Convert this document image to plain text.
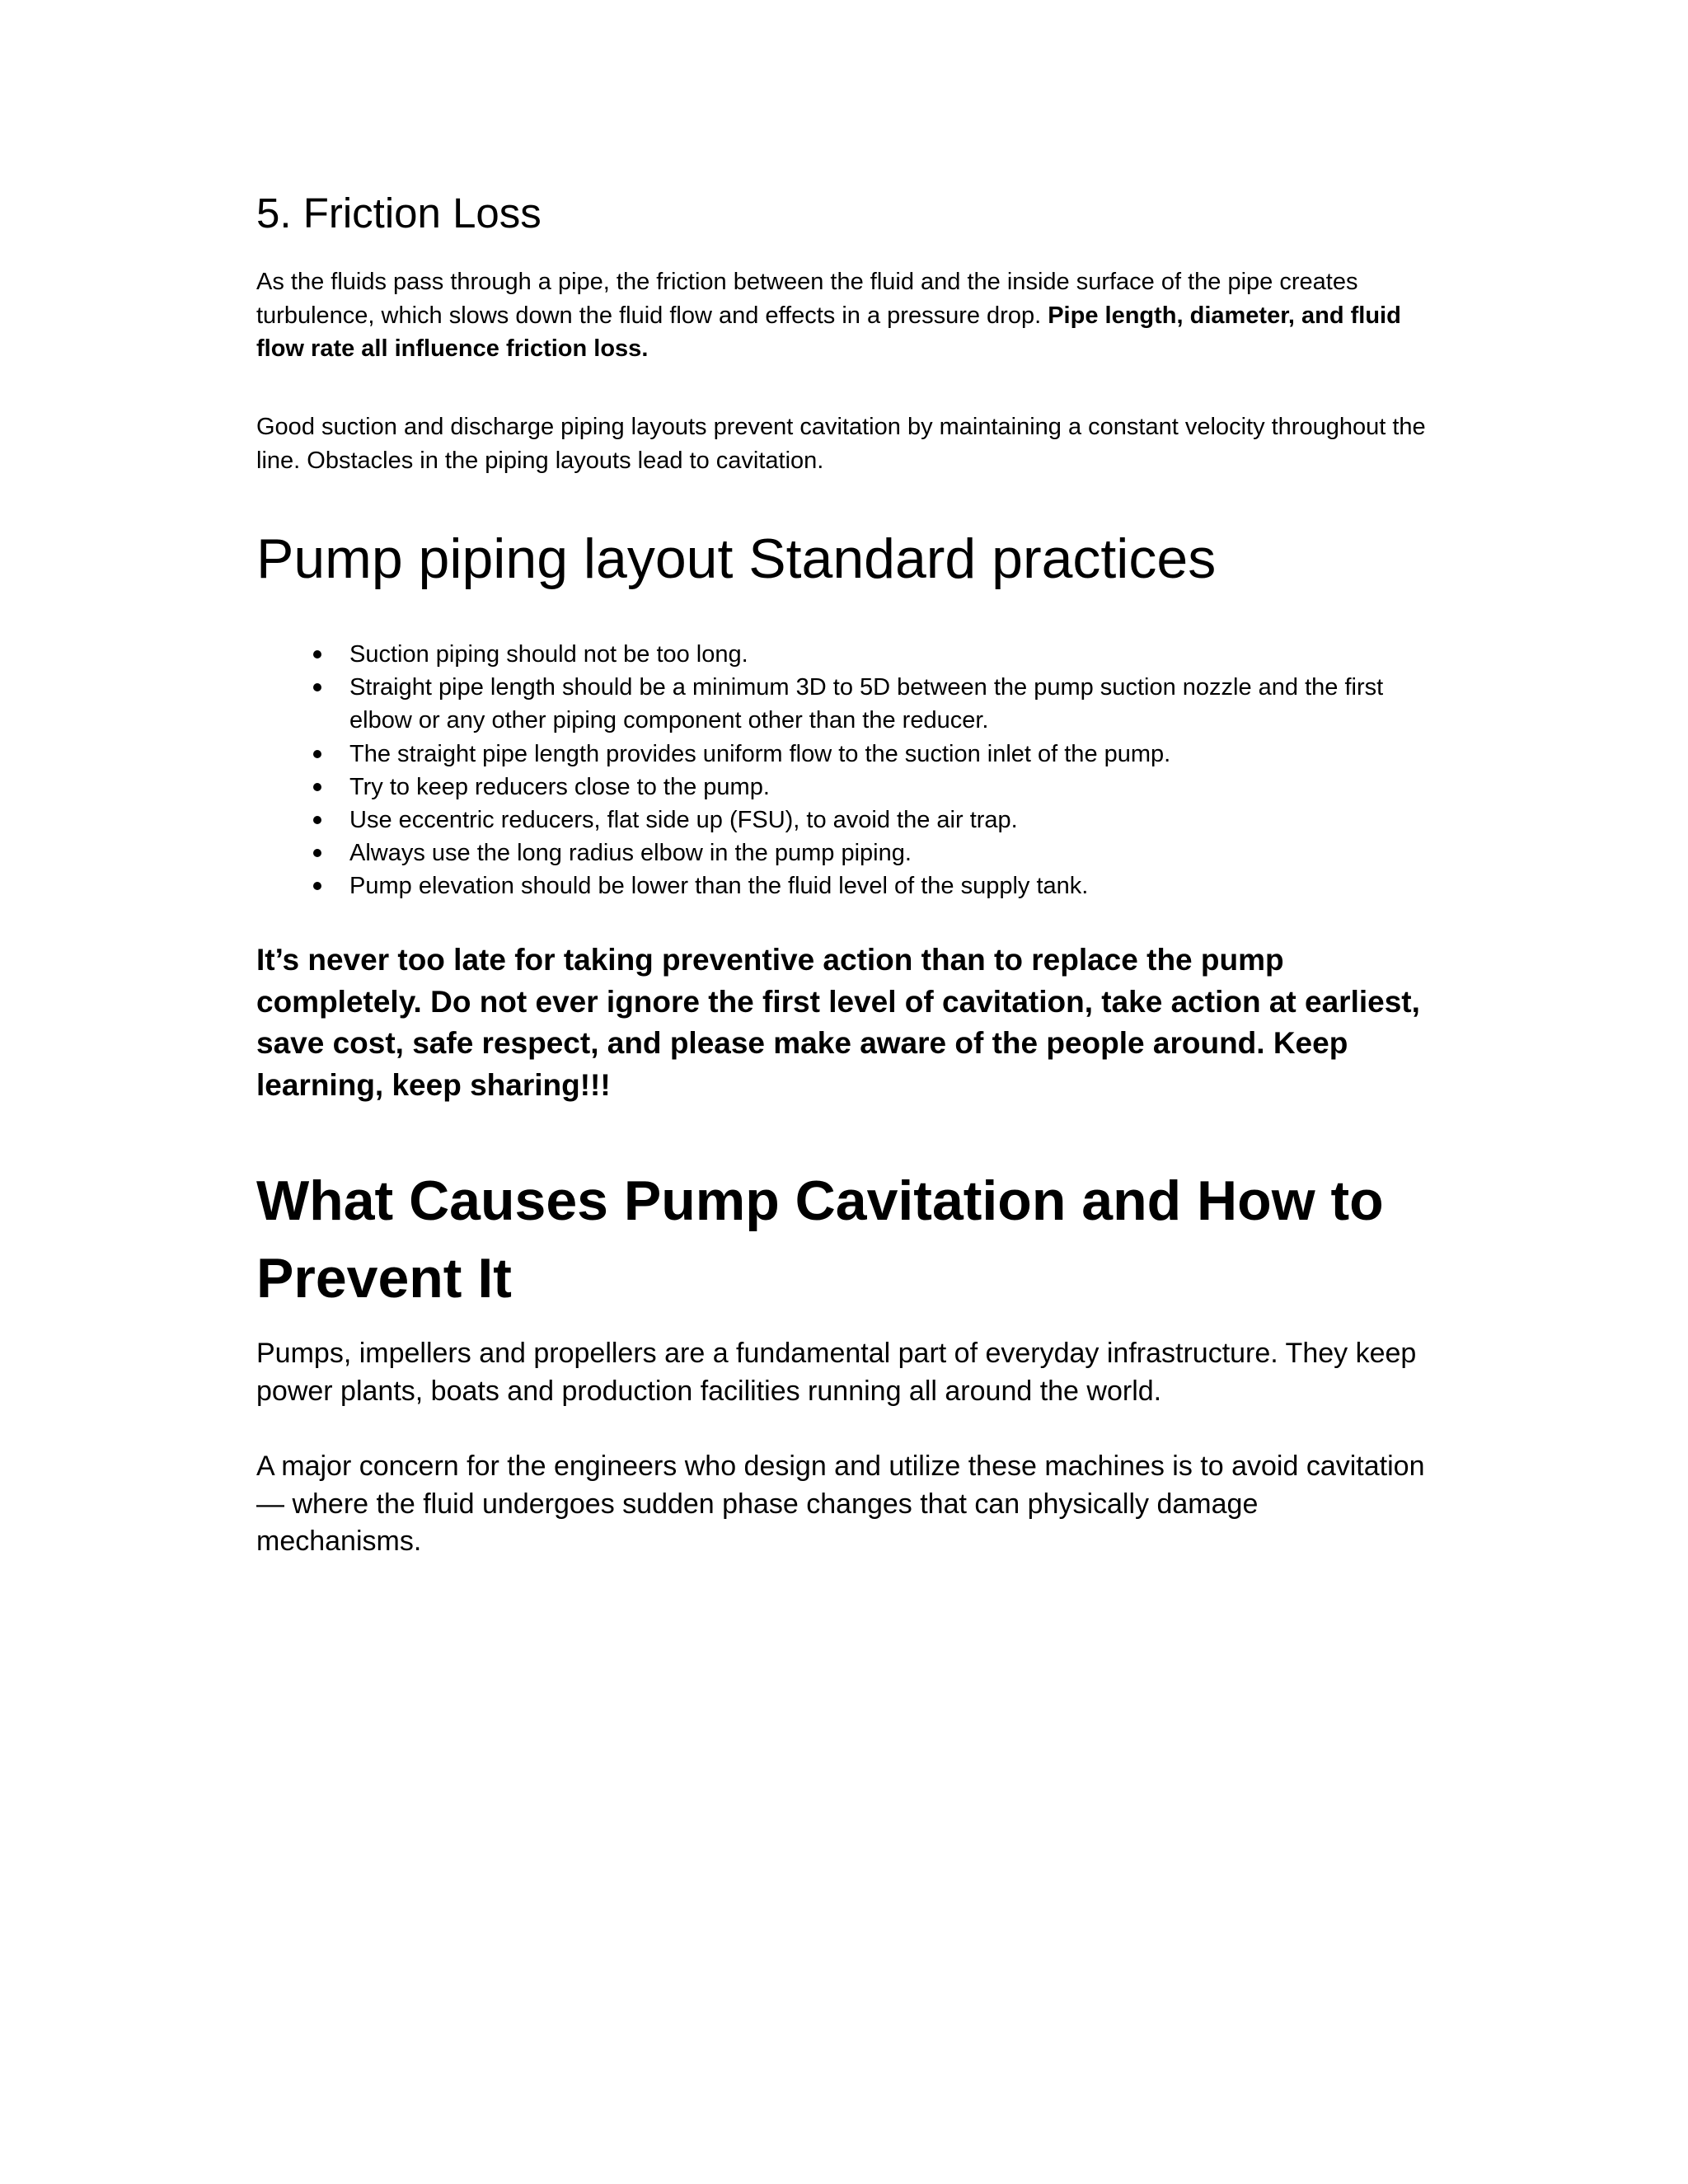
5. Friction Loss

As the fluids pass through a pipe, the friction between the fluid and the inside surface of the pipe creates turbulence, which slows down the fluid flow and effects in a pressure drop. Pipe length, diameter, and fluid flow rate all influence friction loss.

Good suction and discharge piping layouts prevent cavitation by maintaining a constant velocity throughout the line. Obstacles in the piping layouts lead to cavitation.

Pump piping layout Standard practices
Suction piping should not be too long.
Straight pipe length should be a minimum 3D to 5D between the pump suction nozzle and the first elbow or any other piping component other than the reducer.
The straight pipe length provides uniform flow to the suction inlet of the pump.
Try to keep reducers close to the pump.
Use eccentric reducers, flat side up (FSU), to avoid the air trap.
Always use the long radius elbow in the pump piping.
Pump elevation should be lower than the fluid level of the supply tank.

It’s never too late for taking preventive action than to replace the pump completely. Do not ever ignore the first level of cavitation, take action at earliest, save cost, safe respect, and please make aware of the people around. Keep learning, keep sharing!!!

What Causes Pump Cavitation and How to Prevent It

Pumps, impellers and propellers are a fundamental part of everyday infrastructure. They keep power plants, boats and production facilities running all around the world.

A major concern for the engineers who design and utilize these machines is to avoid cavitation — where the fluid undergoes sudden phase changes that can physically damage mechanisms.
